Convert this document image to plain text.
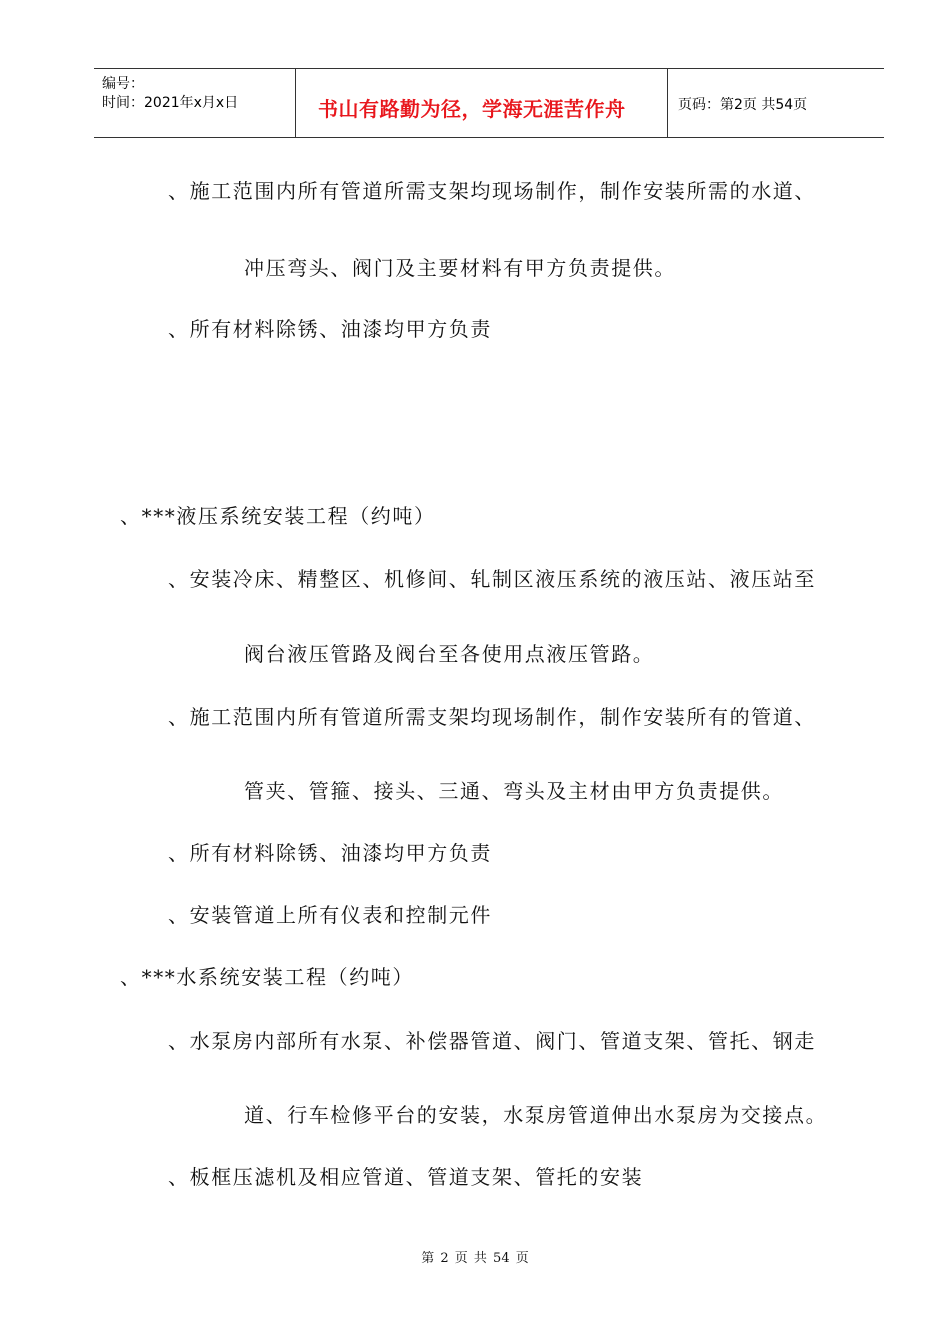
编号：
时间：2021年x月x日	书山有路勤为径，学海无涯苦作舟	页码：第2页 共54页
、施工范围内所有管道所需支架均现场制作，制作安装所需的水道、
冲压弯头、阀门及主要材料有甲方负责提供。
、所有材料除锈、油漆均甲方负责
、***液压系统安装工程（约吨）
、安装冷床、精整区、机修间、轧制区液压系统的液压站、液压站至
阀台液压管路及阀台至各使用点液压管路。
、施工范围内所有管道所需支架均现场制作，制作安装所有的管道、
管夹、管箍、接头、三通、弯头及主材由甲方负责提供。
、所有材料除锈、油漆均甲方负责
、安装管道上所有仪表和控制元件
、***水系统安装工程（约吨）
、水泵房内部所有水泵、补偿器管道、阀门、管道支架、管托、钢走
道、行车检修平台的安装，水泵房管道伸出水泵房为交接点。
、板框压滤机及相应管道、管道支架、管托的安装
第 2 页 共 54 页
